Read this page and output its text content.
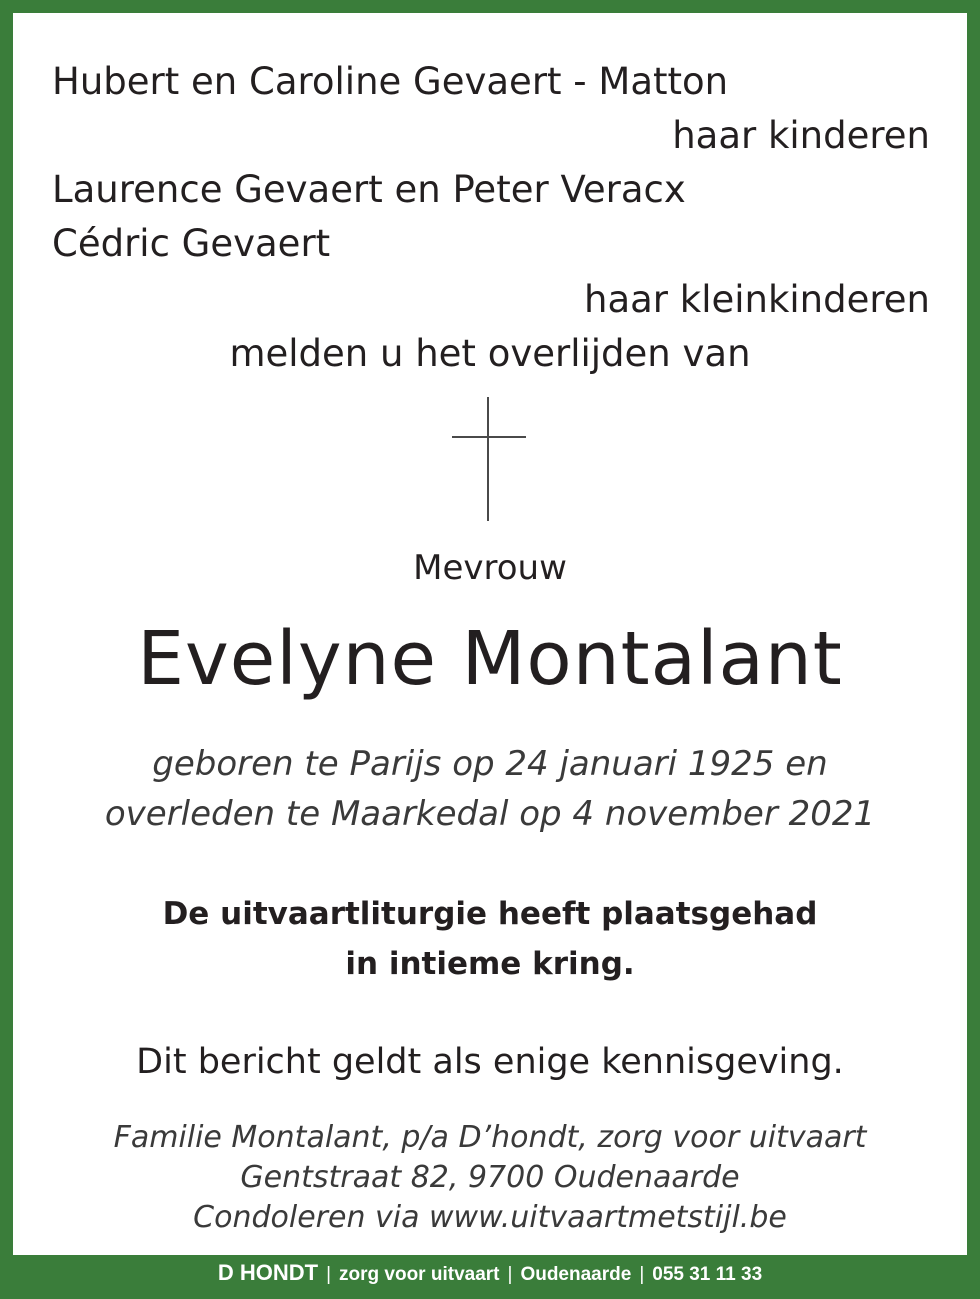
Hubert en Caroline Gevaert - Matton
haar kinderen
Laurence Gevaert en Peter Veracx
Cédric Gevaert
haar kleinkinderen
melden u het overlijden van
Mevrouw
Evelyne Montalant
geboren te Parijs op 24 januari 1925 en
overleden te Maarkedal op 4 november 2021
De uitvaartliturgie heeft plaatsgehad
in intieme kring.
Dit bericht geldt als enige kennisgeving.
Familie Montalant, p/a D’hondt, zorg voor uitvaart
Gentstraat 82, 9700 Oudenaarde
Condoleren via www.uitvaartmetstijl.be
D HONDT | zorg voor uitvaart | Oudenaarde | 055 31 11 33
